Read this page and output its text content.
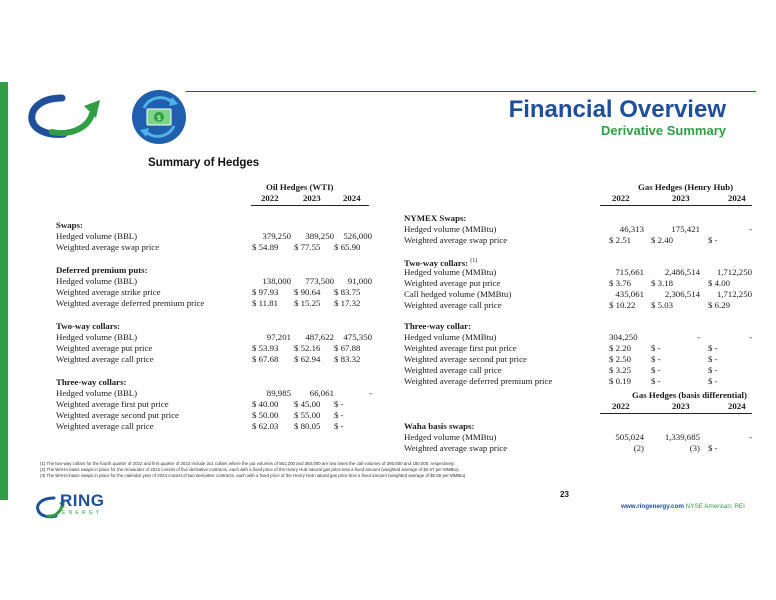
$	Financial Overview
Derivative Summary
Summary of Hedges
Oil Hedges (WTI)
2022	2023	2024
Swaps:
Hedged volume (BBL)	379,250	389,250	526,000
Weighted average swap price	$ 54.89 $ 77.55 $ 65.90
Deferred premium puts:
Hedged volume (BBL)	138,000	773,500	91,000
Weighted average strike price	$ 97.93 $ 90.64 $ 83.75
Weighted average deferred premium price	$ 11.81 $ 15.25 $ 17.32
Two-way collars:
Hedged volume (BBL)	97,201	487,622	475,350
Weighted average put price	$ 53.93 $ 52.16 $ 67.88
Weighted average call price	$ 67.68 $ 62.94 $ 83.32
Three-way collars:
Hedged volume (BBL)	89,985	66,061	-
Weighted average first put price	$ 40.00 $ 45.00 $ -
Weighted average second put price	$ 50.00 $ 55.00 $ -
Weighted average call price	$ 62.03 $ 80.05 $ -
Gas Hedges (Henry Hub)
2022	2023	2024
NYMEX Swaps:
Hedged volume (MMBtu)	46,313	175,421	-
Weighted average swap price	$ 2.51 $ 2.40	$ -
Two-way collars: $^{(1)}$
Hedged volume (MMBtu)	715,661	2,486,514	1,712,250
Weighted average put price	$ 3.76 $ 3.18	$ 4.00
Call hedged volume (MMBtu)	435,061	2,306,514	1,712,250
Weighted average call price	$ 10.22 $ 5.03	$ 6.29
Three-way collar:
Hedged volume (MMBtu)	304,250	-	-
Weighted average first put price	$ 2.20 $ -	$ -
Weighted average second put price	$ 2.50 $ -	$ -
Weighted average call price	$ 3.25 $ -	$ -
Weighted average deferred premium price	$ 0.19 $ -	$ -
Gas Hedges (basis differential)
2022	2023	2024
Waha basis swaps:
Hedged volume (MMBtu)	505,024	1,339,685	-
Weighted average swap price	(2)	(3) $ -
(1) The two-way collars for the fourth quarter of 2022 and first quarter of 2023 include 2x1 collars where the put volumes of 561,200 and 360,000 are two times the call volumes of 280,600 and 180,000, respectively.
(2) The WAHA basis swaps in place for the remainder of 2022 consist of five derivative contracts, each with a fixed price of the Henry Hub natural gas price less a fixed amount (weighted average of $0.57 per MMBtu).
(3) The WAHA basis swaps in place for the calendar year of 2023 consist of two derivative contracts, each with a fixed price of the Henry Hub natural gas price less a fixed amount (weighted average of $0.55 per MMBtu).
23
RING
ENERGY
www.ringenergy.com NYSE American: REI
